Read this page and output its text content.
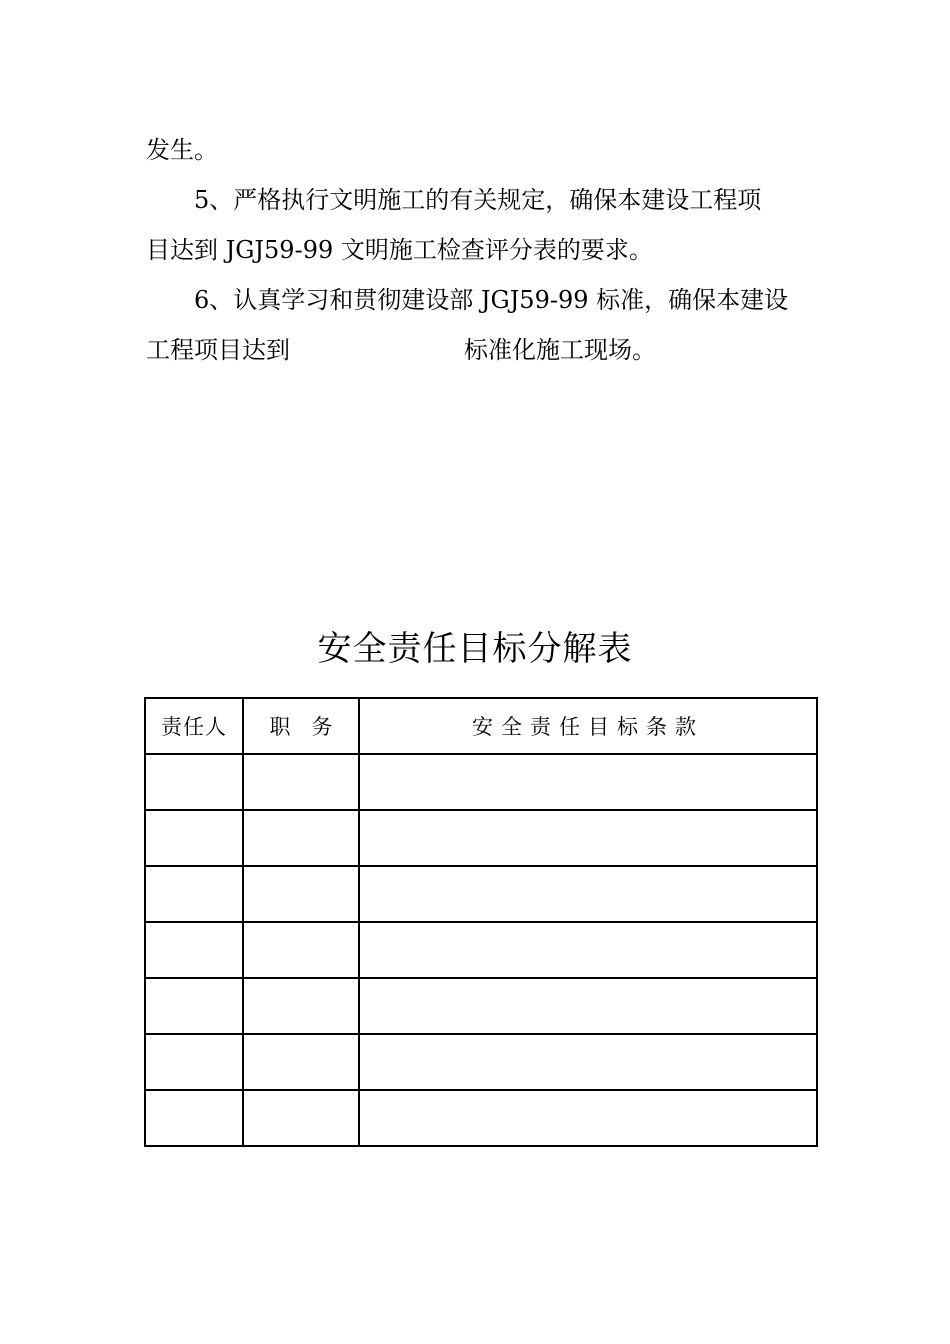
发生。
5、严格执行文明施工的有关规定，确保本建设工程项
目达到 JGJ59-99 文明施工检查评分表的要求。
6、认真学习和贯彻建设部 JGJ59-99 标准，确保本建设
工程项目达到	标准化施工现场。
安全责任目标分解表
责任人	职　务	安全责任目标条款
